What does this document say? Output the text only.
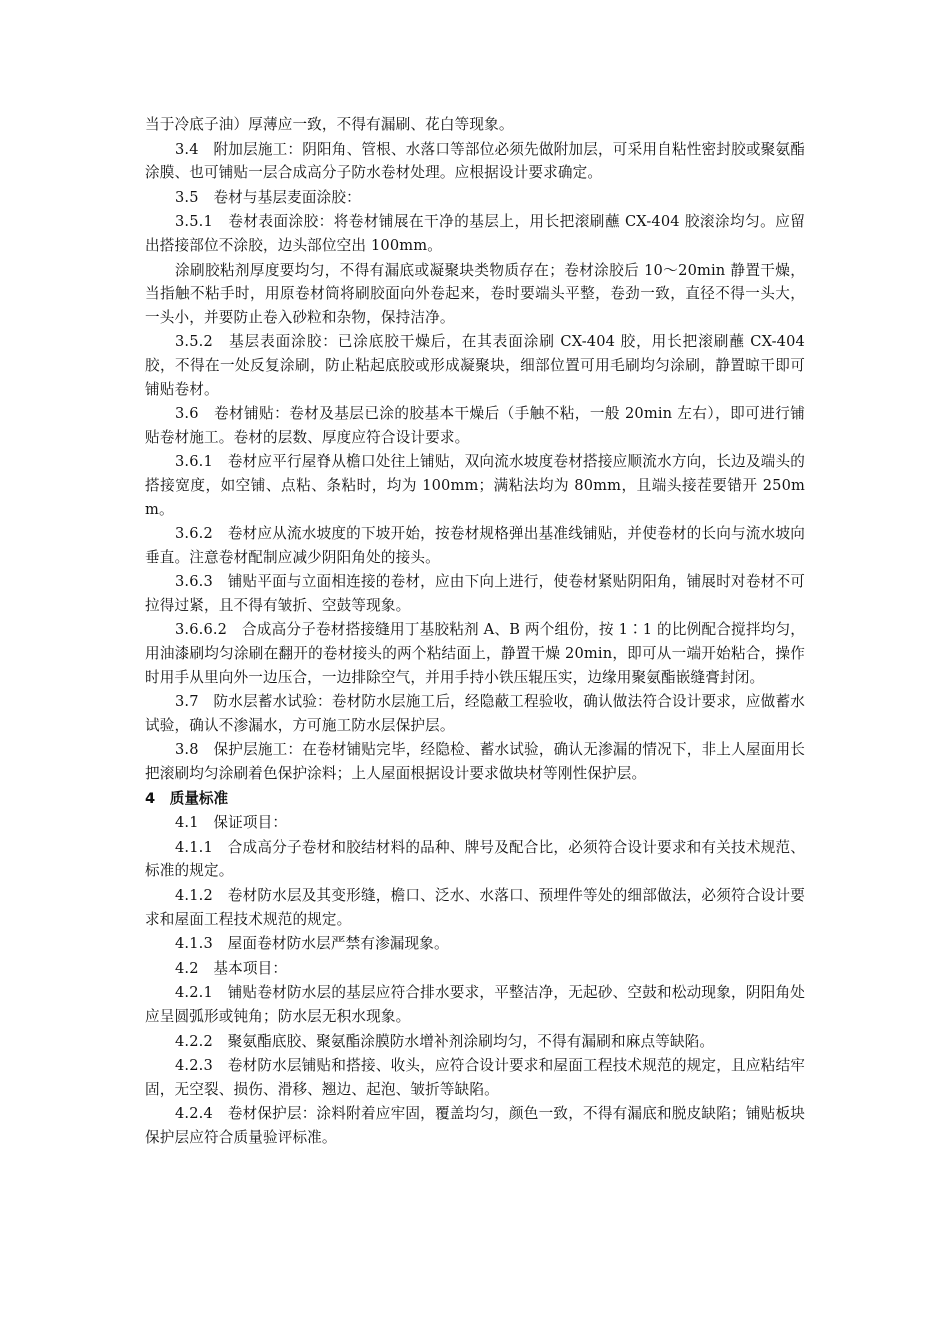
当于冷底子油）厚薄应一致，不得有漏刷、花白等现象。

3.4　附加层施工：阴阳角、管根、水落口等部位必须先做附加层，可采用自粘性密封胶或聚氨酯涂膜、也可铺贴一层合成高分子防水卷材处理。应根据设计要求确定。

3.5　卷材与基层麦面涂胶：

3.5.1　卷材表面涂胶：将卷材铺展在干净的基层上，用长把滚刷蘸 CX-404 胶滚涂均匀。应留出搭接部位不涂胶，边头部位空出 100mm。

涂刷胶粘剂厚度要均匀，不得有漏底或凝聚块类物质存在；卷材涂胶后 10～20min 静置干燥，当指触不粘手时，用原卷材筒将刷胶面向外卷起来，卷时要端头平整，卷劲一致，直径不得一头大，一头小，并要防止卷入砂粒和杂物，保持洁净。

3.5.2　基层表面涂胶：已涂底胶干燥后，在其表面涂刷 CX-404 胶，用长把滚刷蘸 CX-404 胶，不得在一处反复涂刷，防止粘起底胶或形成凝聚块，细部位置可用毛刷均匀涂刷，静置晾干即可铺贴卷材。

3.6　卷材铺贴：卷材及基层已涂的胶基本干燥后（手触不粘，一般 20min 左右），即可进行铺贴卷材施工。卷材的层数、厚度应符合设计要求。

3.6.1　卷材应平行屋脊从檐口处往上铺贴，双向流水坡度卷材搭接应顺流水方向，长边及端头的搭接宽度，如空铺、点粘、条粘时，均为 100mm；满粘法均为 80mm，且端头接茬要错开 250mm。

3.6.2　卷材应从流水坡度的下坡开始，按卷材规格弹出基准线铺贴，并使卷材的长向与流水坡向垂直。注意卷材配制应减少阴阳角处的接头。

3.6.3　铺贴平面与立面相连接的卷材，应由下向上进行，使卷材紧贴阴阳角，铺展时对卷材不可拉得过紧，且不得有皱折、空鼓等现象。

3.6.6.2　合成高分子卷材搭接缝用丁基胶粘剂 A、B 两个组份，按 1∶1 的比例配合搅拌均匀，用油漆刷均匀涂刷在翻开的卷材接头的两个粘结面上，静置干燥 20min，即可从一端开始粘合，操作时用手从里向外一边压合，一边排除空气，并用手持小铁压辊压实，边缘用聚氨酯嵌缝膏封闭。

3.7　防水层蓄水试验：卷材防水层施工后，经隐蔽工程验收，确认做法符合设计要求，应做蓄水试验，确认不渗漏水，方可施工防水层保护层。

3.8　保护层施工：在卷材铺贴完毕，经隐检、蓄水试验，确认无渗漏的情况下，非上人屋面用长把滚刷均匀涂刷着色保护涂料；上人屋面根据设计要求做块材等刚性保护层。

4　质量标准

4.1　保证项目：

4.1.1　合成高分子卷材和胶结材料的品种、牌号及配合比，必须符合设计要求和有关技术规范、标准的规定。

4.1.2　卷材防水层及其变形缝，檐口、泛水、水落口、预埋件等处的细部做法，必须符合设计要求和屋面工程技术规范的规定。

4.1.3　屋面卷材防水层严禁有渗漏现象。

4.2　基本项目：

4.2.1　铺贴卷材防水层的基层应符合排水要求，平整洁净，无起砂、空鼓和松动现象，阴阳角处应呈圆弧形或钝角；防水层无积水现象。

4.2.2　聚氨酯底胶、聚氨酯涂膜防水增补剂涂刷均匀，不得有漏刷和麻点等缺陷。

4.2.3　卷材防水层铺贴和搭接、收头，应符合设计要求和屋面工程技术规范的规定，且应粘结牢固，无空裂、损伤、滑移、翘边、起泡、皱折等缺陷。

4.2.4　卷材保护层：涂料附着应牢固，覆盖均匀，颜色一致，不得有漏底和脱皮缺陷；铺贴板块保护层应符合质量验评标准。
